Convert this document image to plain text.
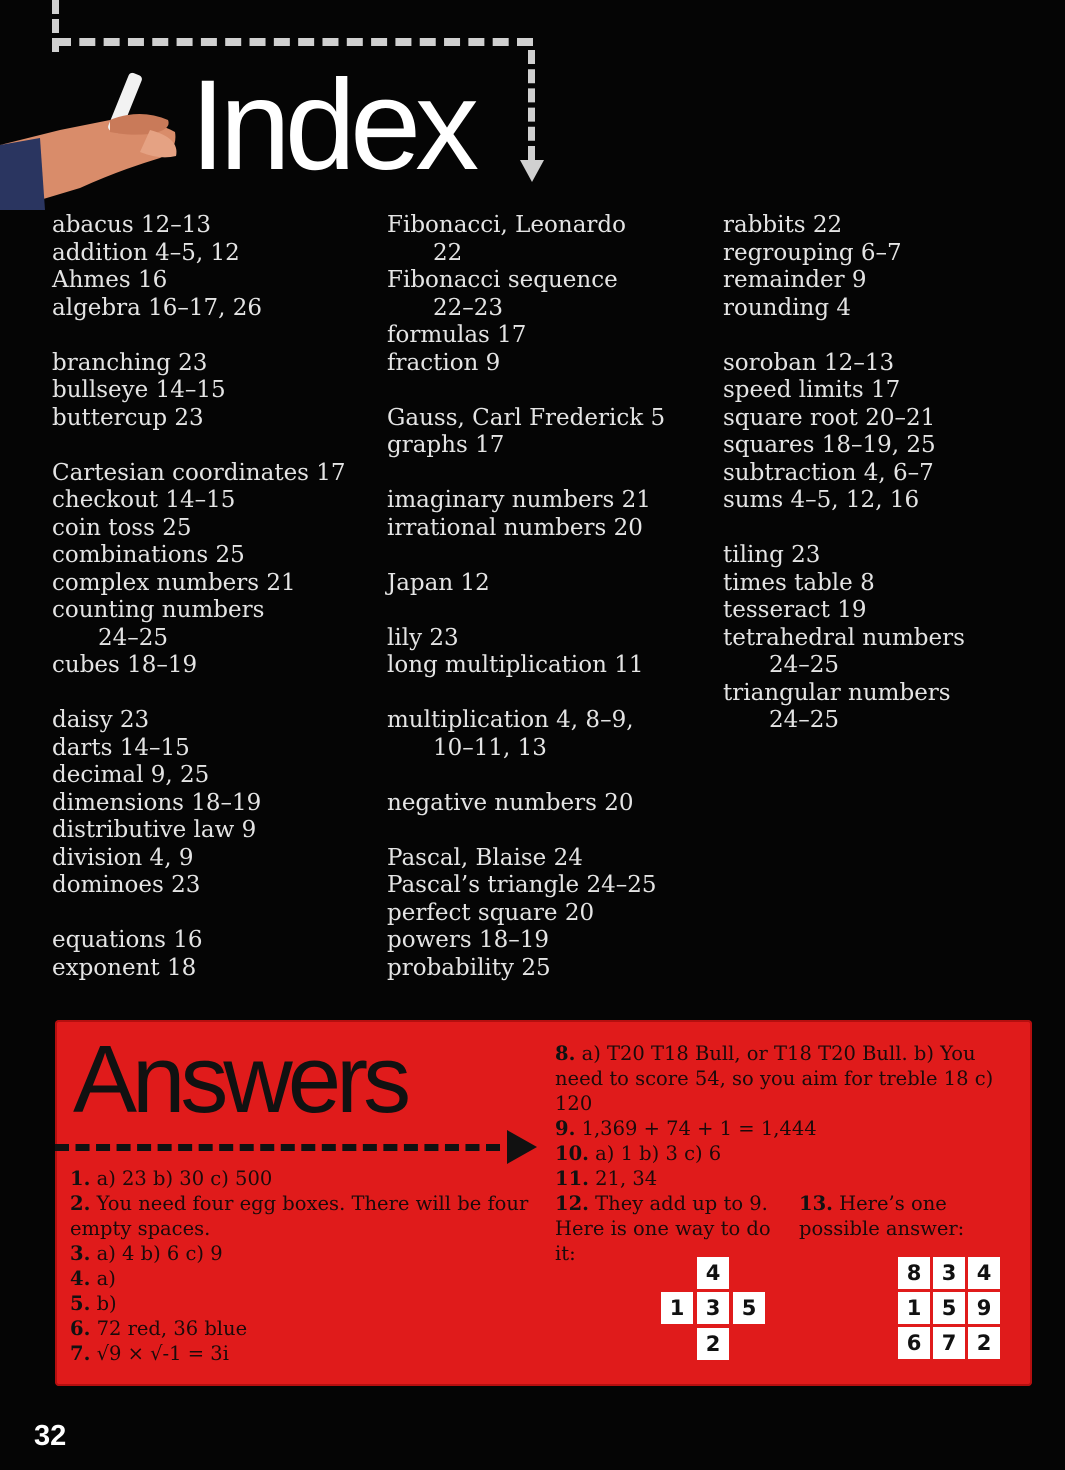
Index
abacus 12–13
addition 4–5, 12
Ahmes 16
algebra 16–17, 26
branching 23
bullseye 14–15
buttercup 23
Cartesian coordinates 17
checkout 14–15
coin toss 25
combinations 25
complex numbers 21
counting numbers
24–25
cubes 18–19
daisy 23
darts 14–15
decimal 9, 25
dimensions 18–19
distributive law 9
division 4, 9
dominoes 23
equations 16
exponent 18
Fibonacci, Leonardo
22
Fibonacci sequence
22–23
formulas 17
fraction 9
Gauss, Carl Frederick 5
graphs 17
imaginary numbers 21
irrational numbers 20
Japan 12
lily 23
long multiplication 11
multiplication 4, 8–9,
10–11, 13
negative numbers 20
Pascal, Blaise 24
Pascal’s triangle 24–25
perfect square 20
powers 18–19
probability 25
rabbits 22
regrouping 6–7
remainder 9
rounding 4
soroban 12–13
speed limits 17
square root 20–21
squares 18–19, 25
subtraction 4, 6–7
sums 4–5, 12, 16
tiling 23
times table 8
tesseract 19
tetrahedral numbers
24–25
triangular numbers
24–25
Answers
1. a) 23 b) 30 c) 500
2. You need four egg boxes. There will be four empty spaces.
3. a) 4 b) 6 c) 9
4. a)
5. b)
6. 72 red, 36 blue
7. √9 × √-1 = 3i
8. a) T20 T18 Bull, or T18 T20 Bull. b) You need to score 54, so you aim for treble 18 c) 120
9. 1,369 + 74 + 1 = 1,444
10. a) 1 b) 3 c) 6
11. 21, 34
12. They add up to 9. Here is one way to do it:
13. Here’s one possible answer:
4
1	3	5
2
8 3 4
1 5 9
6 7 2
32
